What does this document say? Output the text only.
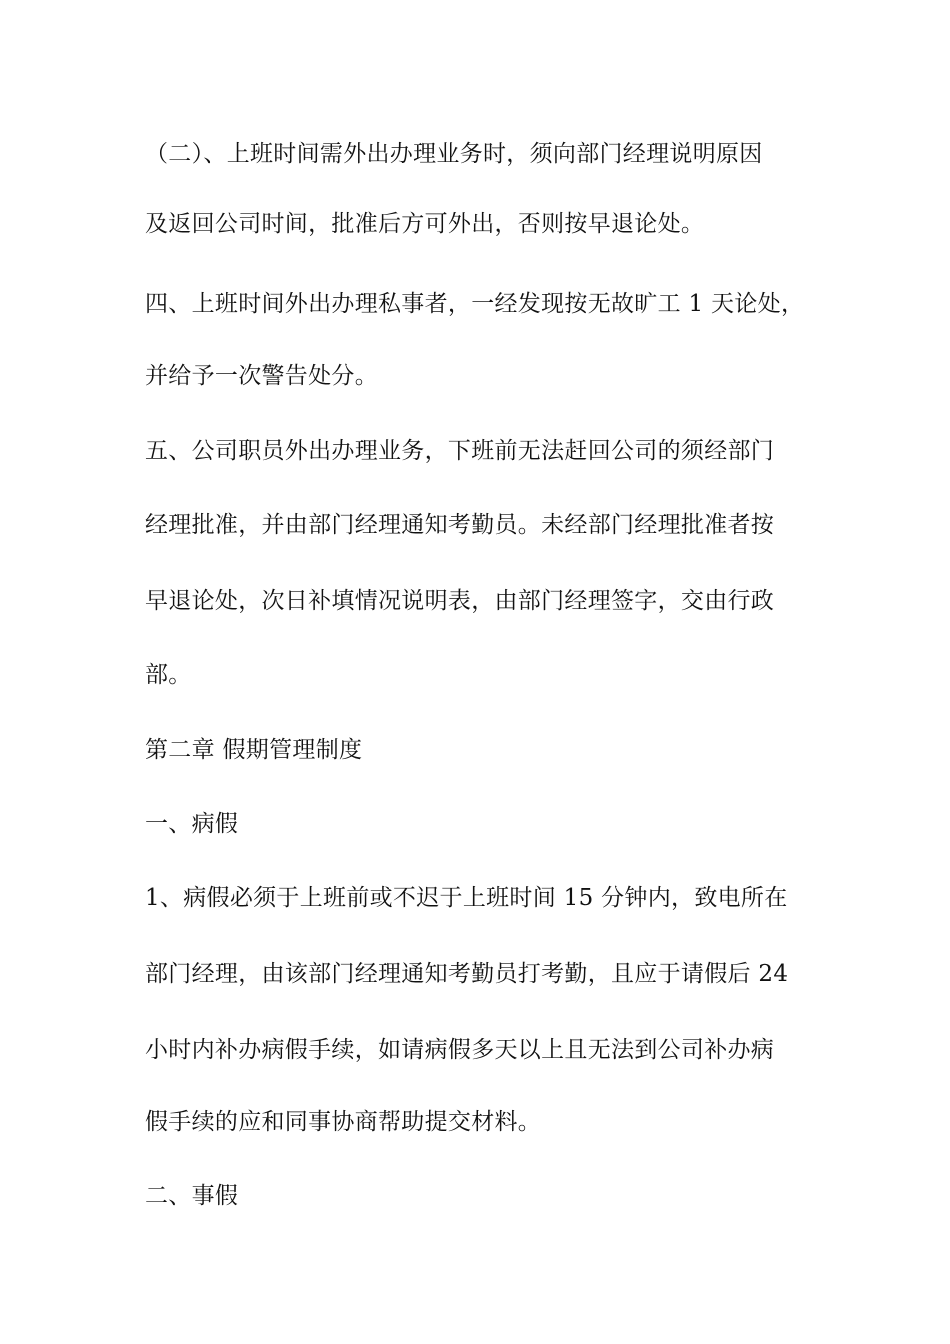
（二）、上班时间需外出办理业务时，须向部门经理说明原因

及返回公司时间，批准后方可外出，否则按早退论处。

四、上班时间外出办理私事者，一经发现按无故旷工 1 天论处，

并给予一次警告处分。

五、公司职员外出办理业务，下班前无法赶回公司的须经部门

经理批准，并由部门经理通知考勤员。未经部门经理批准者按

早退论处，次日补填情况说明表，由部门经理签字，交由行政

部。

第二章 假期管理制度

一、病假

1、病假必须于上班前或不迟于上班时间 15 分钟内，致电所在

部门经理，由该部门经理通知考勤员打考勤，且应于请假后 24

小时内补办病假手续，如请病假多天以上且无法到公司补办病

假手续的应和同事协商帮助提交材料。

二、事假
